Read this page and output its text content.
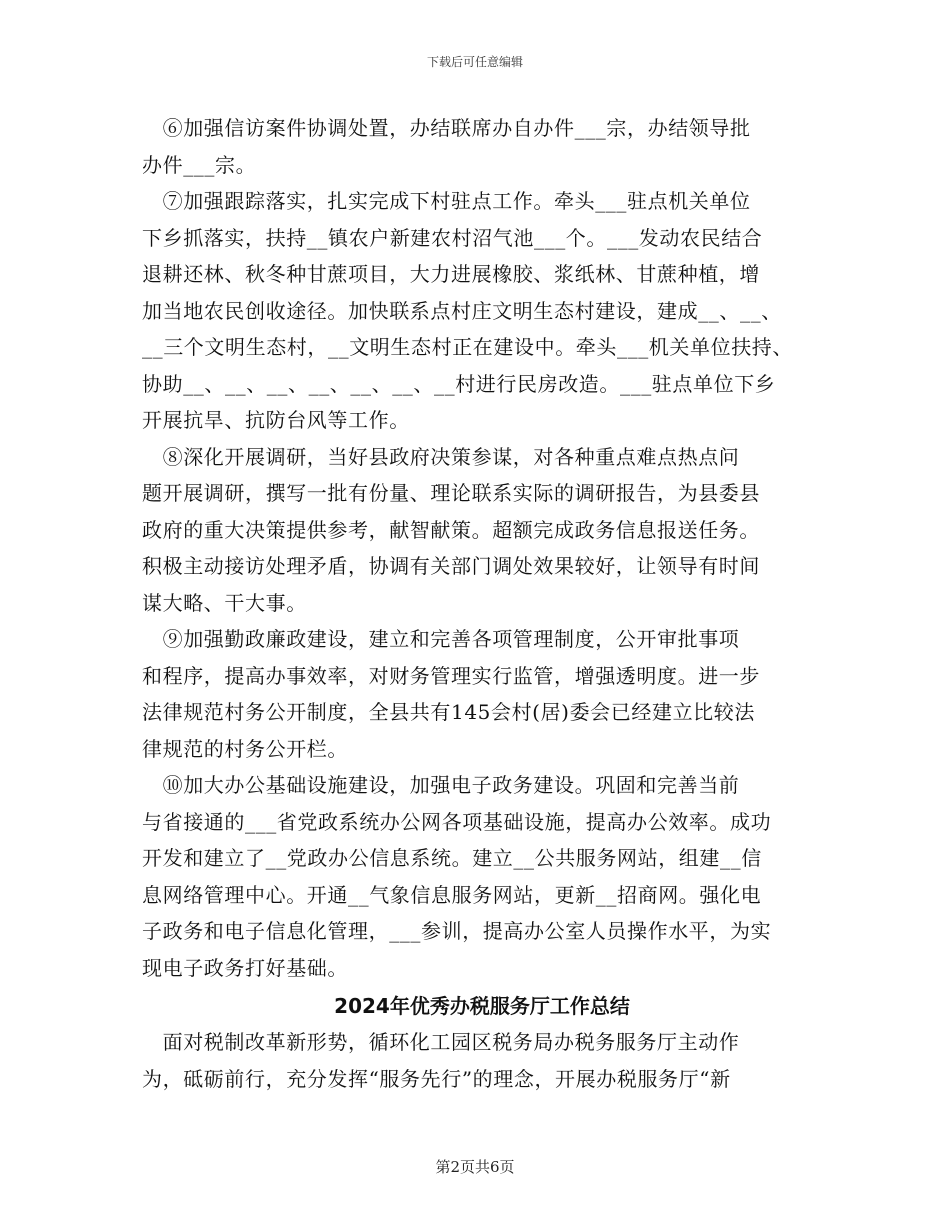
下载后可任意编辑

　⑥加强信访案件协调处置，办结联席办自办件___宗，办结领导批
办件___宗。

　⑦加强跟踪落实，扎实完成下村驻点工作。牵头___驻点机关单位
下乡抓落实，扶持__镇农户新建农村沼气池___个。___发动农民结合
退耕还林、秋冬种甘蔗项目，大力进展橡胶、浆纸林、甘蔗种植，增
加当地农民创收途径。加快联系点村庄文明生态村建设，建成__、__、
__三个文明生态村，__文明生态村正在建设中。牵头___机关单位扶持、
协助__、__、__、__、__、__、__村进行民房改造。___驻点单位下乡
开展抗旱、抗防台风等工作。

　⑧深化开展调研，当好县政府决策参谋，对各种重点难点热点问
题开展调研，撰写一批有份量、理论联系实际的调研报告，为县委县
政府的重大决策提供参考，献智献策。超额完成政务信息报送任务。
积极主动接访处理矛盾，协调有关部门调处效果较好，让领导有时间
谋大略、干大事。

　⑨加强勤政廉政建设，建立和完善各项管理制度，公开审批事项
和程序，提高办事效率，对财务管理实行监管，增强透明度。进一步
法律规范村务公开制度，全县共有145会村(居)委会已经建立比较法
律规范的村务公开栏。

　⑩加大办公基础设施建设，加强电子政务建设。巩固和完善当前
与省接通的___省党政系统办公网各项基础设施，提高办公效率。成功
开发和建立了__党政办公信息系统。建立__公共服务网站，组建__信
息网络管理中心。开通__气象信息服务网站，更新__招商网。强化电
子政务和电子信息化管理，___参训，提高办公室人员操作水平，为实
现电子政务打好基础。

2024年优秀办税服务厅工作总结

　面对税制改革新形势，循环化工园区税务局办税务服务厅主动作
为，砥砺前行，充分发挥“服务先行”的理念，开展办税服务厅“新

第2页共6页
